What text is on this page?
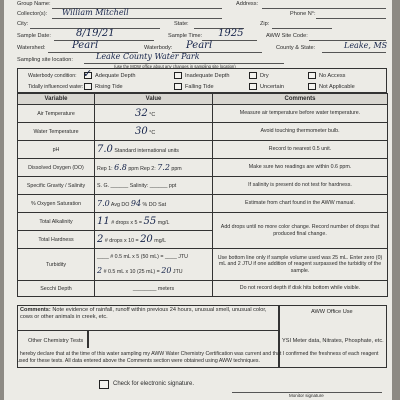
Group Name:	Address:
Collector(s): William Mitchell	Phone N°:
City:	State:	Zip:
Sample Date:	8/19/21	Sample Time: 1925	AWW Site Code:
Watershed:	Pearl	Waterbody: Pearl	County & State:	Leake, MS
Sampling site location:	Leake County Water Park
(use the MOW office about any changes in sampling site location)
Waterbody condition: ✓ Adequate Depth	Inadequate Depth	Dry	No Access
Tidally influenced water: Rising Tide	Falling Tide	Uncertain	Not Applicable
Variable	Value	Comments
Air Temperature	32 °C	Measure air temperature before water temperature.
Water Temperature	30 °C	Avoid touching thermometer bulb.
pH	7.0 Standard international units	Record to nearest 0.5 unit.
Dissolved Oxygen (DO)	Rep 1: 6.8 ppm Rep 2: 7.2 ppm	Make sure two readings are within 0.6 ppm.
Specific Gravity / Salinity	S. G. ______ Salinity: ______ ppt	If salinity is present do not test for hardness.
% Oxygen Saturation	7.0 Avg DO 94 % DO Sat	Estimate from chart found in the AWW manual.
Total Alkalinity	11 # drops x 5 = 55 mg/L	Add drops until no more color change. Record number of drops that produced final change.
Total Hardness	2 # drops x 10 = 20 mg/L	
Turbidity	____ # 0.5 mL x 5 (50 mL) = ____ JTU
2 # 0.5 mL x 10 (25 mL) = 20 JTU	Use bottom line only if sample volume used was 25 mL. Enter zero (0) mL and 2 JTU if one addition of reagent surpassed the turbidity of the sample.
Secchi Depth	________ meters	Do not record depth if disk hits bottom while visible.
Comments: Note evidence of rainfall, runoff within previous 24 hours, unusual smell, unusual color, cows or other animals in creek, etc.
AWW Office Use
Other Chemistry Tests	YSI Meter data, Nitrates, Phosphate, etc.
I hereby declare that at the time of this water sampling my AWW Water Chemistry Certification was current and that I confirmed the freshness of each reagent used for these tests. All data entered above the Comments section were obtained using AWW techniques.
Check for electronic signature.
Monitor signature
